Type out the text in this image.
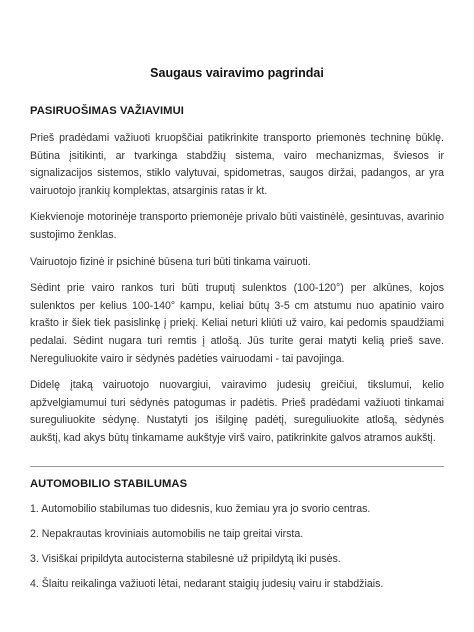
Saugaus vairavimo pagrindai
PASIRUOŠIMAS VAŽIAVIMUI

Prieš pradėdami važiuoti kruopščiai patikrinkite transporto priemonės techninę būklę. Būtina įsitikinti, ar tvarkinga stabdžių sistema, vairo mechanizmas, šviesos ir signalizacijos sistemos, stiklo valytuvai, spidometras, saugos diržai, padangos, ar yra vairuotojo įrankių komplektas, atsarginis ratas ir kt.

Kiekvienoje motorinėje transporto priemonėje privalo būti vaistinėlė, gesintuvas, avarinio sustojimo ženklas.

Vairuotojo fizinė ir psichinė būsena turi būti tinkama vairuoti.

Sėdint prie vairo rankos turi būti truputį sulenktos (100-120°) per alkūnes, kojos sulenktos per kelius 100-140° kampu, keliai būtų 3-5 cm atstumu nuo apatinio vairo krašto ir šiek tiek pasislinkę į priekį. Keliai neturi kliūti už vairo, kai pedomis spaudžiami pedalai. Sėdint nugara turi remtis į atlošą. Jūs turite gerai matyti kelią prieš save. Nereguliuokite vairo ir sėdynės padėties vairuodami - tai pavojinga.

Didelę įtaką vairuotojo nuovargiui, vairavimo judesių greičiui, tikslumui, kelio apžvelgiamumui turi sėdynės patogumas ir padėtis. Prieš pradėdami važiuoti tinkamai sureguliuokite sėdynę. Nustatyti jos išilginę padėtį, sureguliuokite atlošą, sėdynės aukštį, kad akys būtų tinkamame aukštyje virš vairo, patikrinkite galvos atramos aukštį.

AUTOMOBILIO STABILUMAS
1. Automobilio stabilumas tuo didesnis, kuo žemiau yra jo svorio centras.
2. Nepakrautas kroviniais automobilis ne taip greitai virsta.
3. Visiškai pripildyta autocisterna stabilesnė už pripildytą iki pusės.
4. Šlaitu reikalinga važiuoti lėtai, nedarant staigių judesių vairu ir stabdžiais.
